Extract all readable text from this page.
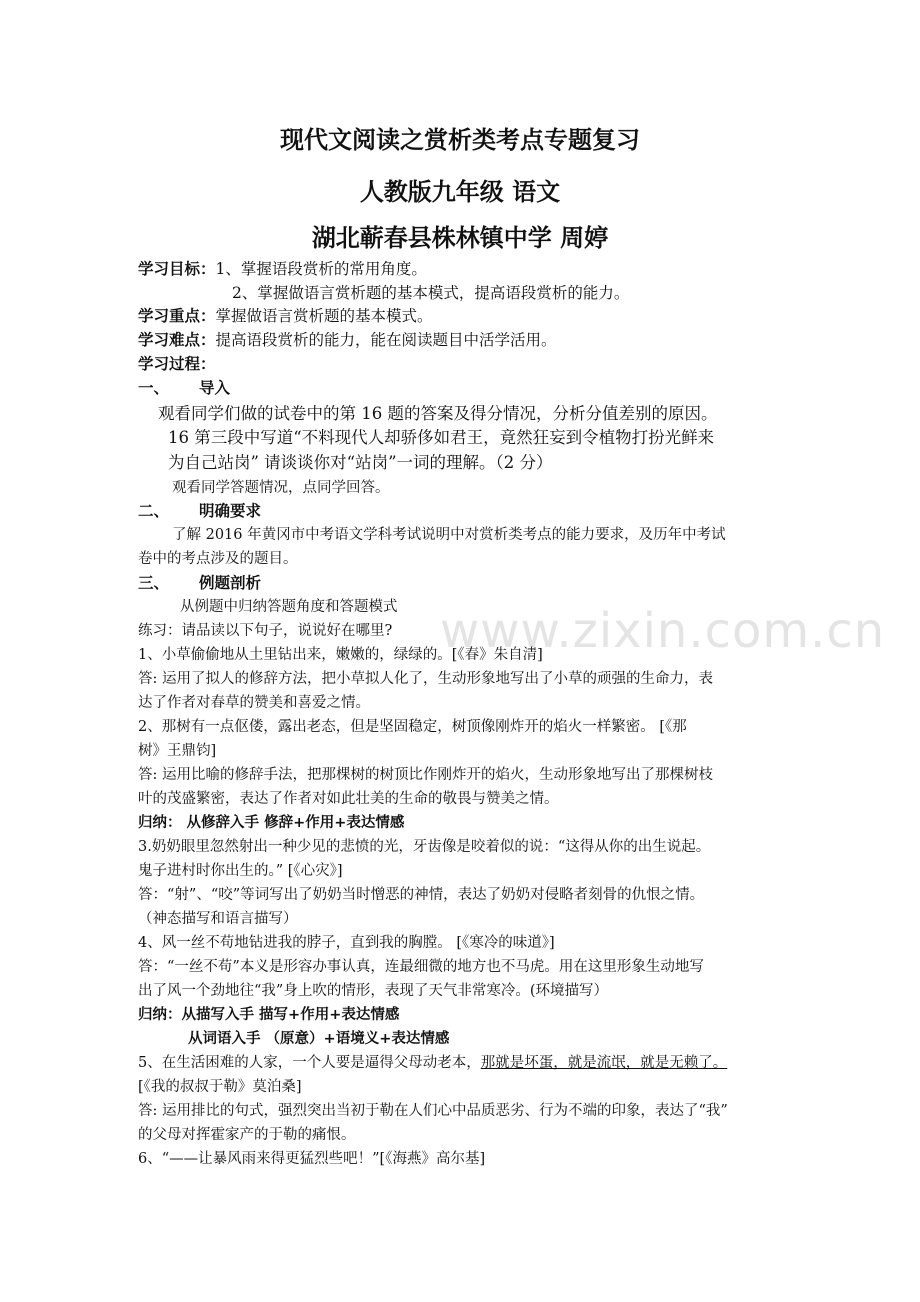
现代文阅读之赏析类考点专题复习
人教版九年级 语文
湖北蕲春县株林镇中学 周婷
学习目标：1、掌握语段赏析的常用角度。
2、掌握做语言赏析题的基本模式，提高语段赏析的能力。
学习重点：掌握做语言赏析题的基本模式。
学习难点：提高语段赏析的能力，能在阅读题目中活学活用。
学习过程：
一、 导入
观看同学们做的试卷中的第 16 题的答案及得分情况，分析分值差别的原因。
16 第三段中写道“不料现代人却骄侈如君王，竟然狂妄到令植物打扮光鲜来
为自己站岗” 请谈谈你对“站岗”一词的理解。（2 分）
观看同学答题情况，点同学回答。
二、 明确要求
了解 2016 年黄冈市中考语文学科考试说明中对赏析类考点的能力要求，及历年中考试
卷中的考点涉及的题目。
三、 例题剖析
从例题中归纳答题角度和答题模式 www.zixin.com.cn
练习：请品读以下句子，说说好在哪里?
1、小草偷偷地从土里钻出来，嫩嫩的，绿绿的。[《春》朱自清]
答: 运用了拟人的修辞方法，把小草拟人化了，生动形象地写出了小草的顽强的生命力，表
达了作者对春草的赞美和喜爱之情。
2、那树有一点伛偻，露出老态，但是坚固稳定，树顶像刚炸开的焰火一样繁密。 [《那
树》王鼎钧]
答: 运用比喻的修辞手法，把那棵树的树顶比作刚炸开的焰火，生动形象地写出了那棵树枝
叶的茂盛繁密，表达了作者对如此壮美的生命的敬畏与赞美之情。
归纳： 从修辞入手 修辞+作用+表达情感
3.奶奶眼里忽然射出一种少见的悲愤的光，牙齿像是咬着似的说：“这得从你的出生说起。
鬼子进村时你出生的。” [《心灾》]
答：“射”、“咬”等词写出了奶奶当时憎恶的神情，表达了奶奶对侵略者刻骨的仇恨之情。
（神态描写和语言描写）
4、风一丝不苟地钻进我的脖子，直到我的胸膛。 [《寒冷的味道》]
答：“一丝不苟”本义是形容办事认真，连最细微的地方也不马虎。用在这里形象生动地写
出了风一个劲地往“我”身上吹的情形，表现了天气非常寒冷。(环境描写）
归纳：从描写入手 描写+作用+表达情感
从词语入手 （原意）+语境义+表达情感
5、在生活困难的人家，一个人要是逼得父母动老本，那就是坏蛋，就是流氓，就是无赖了。
[《我的叔叔于勒》莫泊桑]
答: 运用排比的句式，强烈突出当初于勒在人们心中品质恶劣、行为不端的印象，表达了“我”
的父母对挥霍家产的于勒的痛恨。
6、“——让暴风雨来得更猛烈些吧！”[《海燕》高尔基]
